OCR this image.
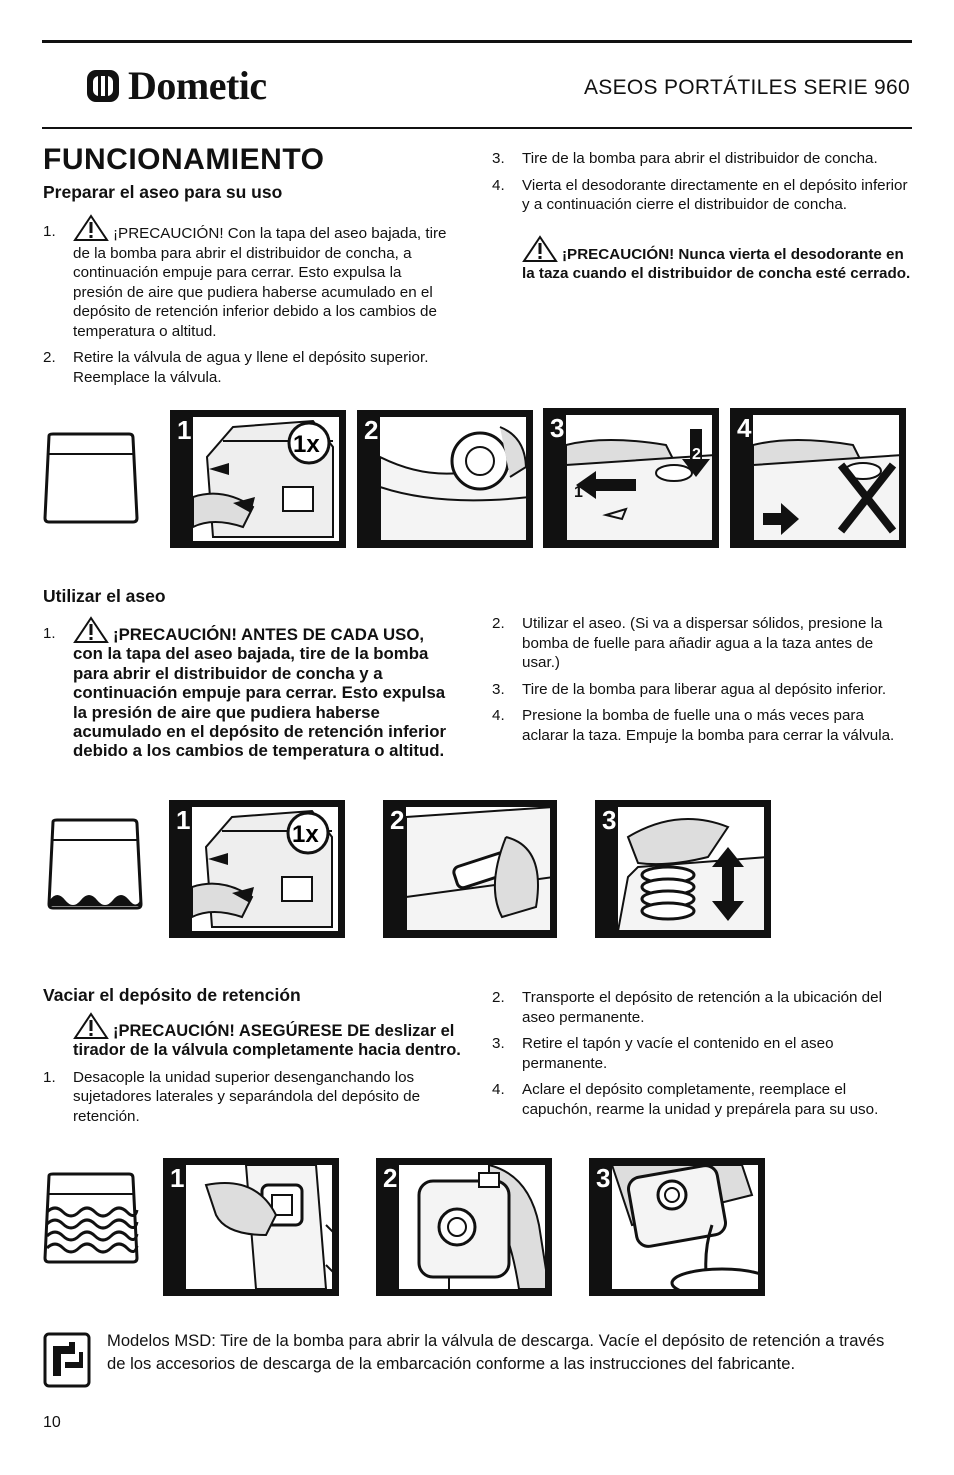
Dometic	ASEOS PORTÁTILES SERIE 960
FUNCIONAMIENTO
Preparar el aseo para su uso
1.	¡PRECAUCIÓN! Con la tapa del aseo bajada, tire de la bomba para abrir el distribuidor de concha, a continuación empuje para cerrar. Esto expulsa la presión de aire que pudiera haberse acumulado en el depósito de retención inferior debido a los cambios de temperatura o altitud.
2.	Retire la válvula de agua y llene el depósito superior. Reemplace la válvula.
3.	Tire de la bomba para abrir el distribuidor de concha.
4.	Vierta el desodorante directamente en el depósito inferior y a continuación cierre el distribuidor de concha.
¡PRECAUCIÓN! Nunca vierta el desodorante en la taza cuando el distribuidor de concha esté cerrado.
1x
1	2
2
1
3	4
Utilizar el aseo
1.	¡PRECAUCIÓN! ANTES DE CADA USO, con la tapa del aseo bajada, tire de la bomba para abrir el distribuidor de concha y a continuación empuje para cerrar. Esto expulsa la presión de aire que pudiera haberse acumulado en el depósito de retención inferior debido a los cambios de temperatura o altitud.
2.	Utilizar el aseo. (Si va a dispersar sólidos, presione la bomba de fuelle para añadir agua a la taza antes de usar.)
3.	Tire de la bomba para liberar agua al depósito inferior.
4.	Presione la bomba de fuelle una o más veces para aclarar la taza. Empuje la bomba para cerrar la válvula.
1x
1	2	3
Vaciar el depósito de retención
¡PRECAUCIÓN! ASEGÚRESE DE deslizar el tirador de la válvula completamente hacia dentro.
1.	Desacople la unidad superior desenganchando los sujetadores laterales y separándola del depósito de retención.
2.	Transporte el depósito de retención a la ubicación del aseo permanente.
3.	Retire el tapón y vacíe el contenido en el aseo permanente.
4.	Aclare el depósito completamente, reemplace el capuchón, rearme la unidad y prepárela para su uso.
1	2	3
Modelos MSD: Tire de la bomba para abrir la válvula de descarga. Vacíe el depósito de retención a través de los accesorios de descarga de la embarcación conforme a las instrucciones del fabricante.
10
